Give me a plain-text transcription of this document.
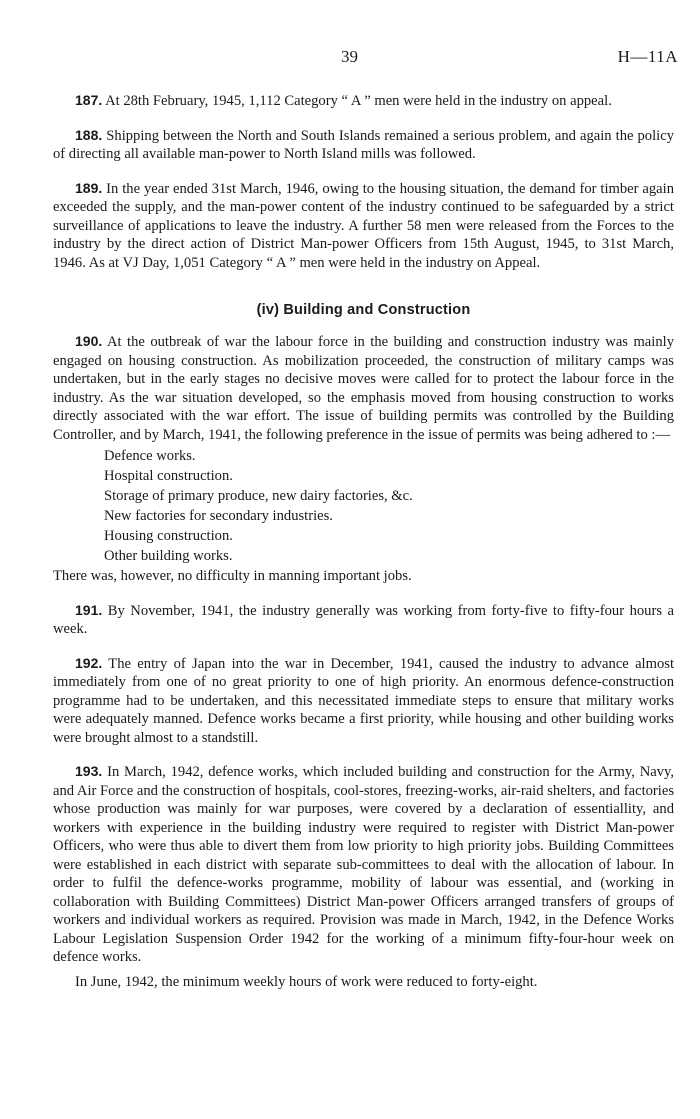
39	H—11A

187. At 28th February, 1945, 1,112 Category “ A ” men were held in the industry on appeal.

188. Shipping between the North and South Islands remained a serious problem, and again the policy of directing all available man-power to North Island mills was followed.

189. In the year ended 31st March, 1946, owing to the housing situation, the demand for timber again exceeded the supply, and the man-power content of the industry continued to be safeguarded by a strict surveillance of applications to leave the industry. A further 58 men were released from the Forces to the industry by the direct action of District Man-power Officers from 15th August, 1945, to 31st March, 1946. As at VJ Day, 1,051 Category “ A ” men were held in the industry on Appeal.

(iv) Building and Construction

190. At the outbreak of war the labour force in the building and construction industry was mainly engaged on housing construction. As mobilization proceeded, the construction of military camps was undertaken, but in the early stages no decisive moves were called for to protect the labour force in the industry. As the war situation developed, so the emphasis moved from housing construction to works directly associated with the war effort. The issue of building permits was controlled by the Building Controller, and by March, 1941, the following preference in the issue of permits was being adhered to :—

Defence works.
Hospital construction.
Storage of primary produce, new dairy factories, &c.
New factories for secondary industries.
Housing construction.
Other building works.

There was, however, no difficulty in manning important jobs.

191. By November, 1941, the industry generally was working from forty-five to fifty-four hours a week.

192. The entry of Japan into the war in December, 1941, caused the industry to advance almost immediately from one of no great priority to one of high priority. An enormous defence-construction programme had to be undertaken, and this necessitated immediate steps to ensure that military works were adequately manned. Defence works became a first priority, while housing and other building works were brought almost to a standstill.

193. In March, 1942, defence works, which included building and construction for the Army, Navy, and Air Force and the construction of hospitals, cool-stores, freezing-works, air-raid shelters, and factories whose production was mainly for war purposes, were covered by a declaration of essentiallity, and workers with experience in the building industry were required to register with District Man-power Officers, who were thus able to divert them from low priority to high priority jobs. Building Committees were established in each district with separate sub-committees to deal with the allocation of labour. In order to fulfil the defence-works programme, mobility of labour was essential, and (working in collaboration with Building Committees) District Man-power Officers arranged transfers of groups of workers and individual workers as required. Provision was made in March, 1942, in the Defence Works Labour Legislation Suspension Order 1942 for the working of a minimum fifty-four-hour week on defence works.

In June, 1942, the minimum weekly hours of work were reduced to forty-eight.
